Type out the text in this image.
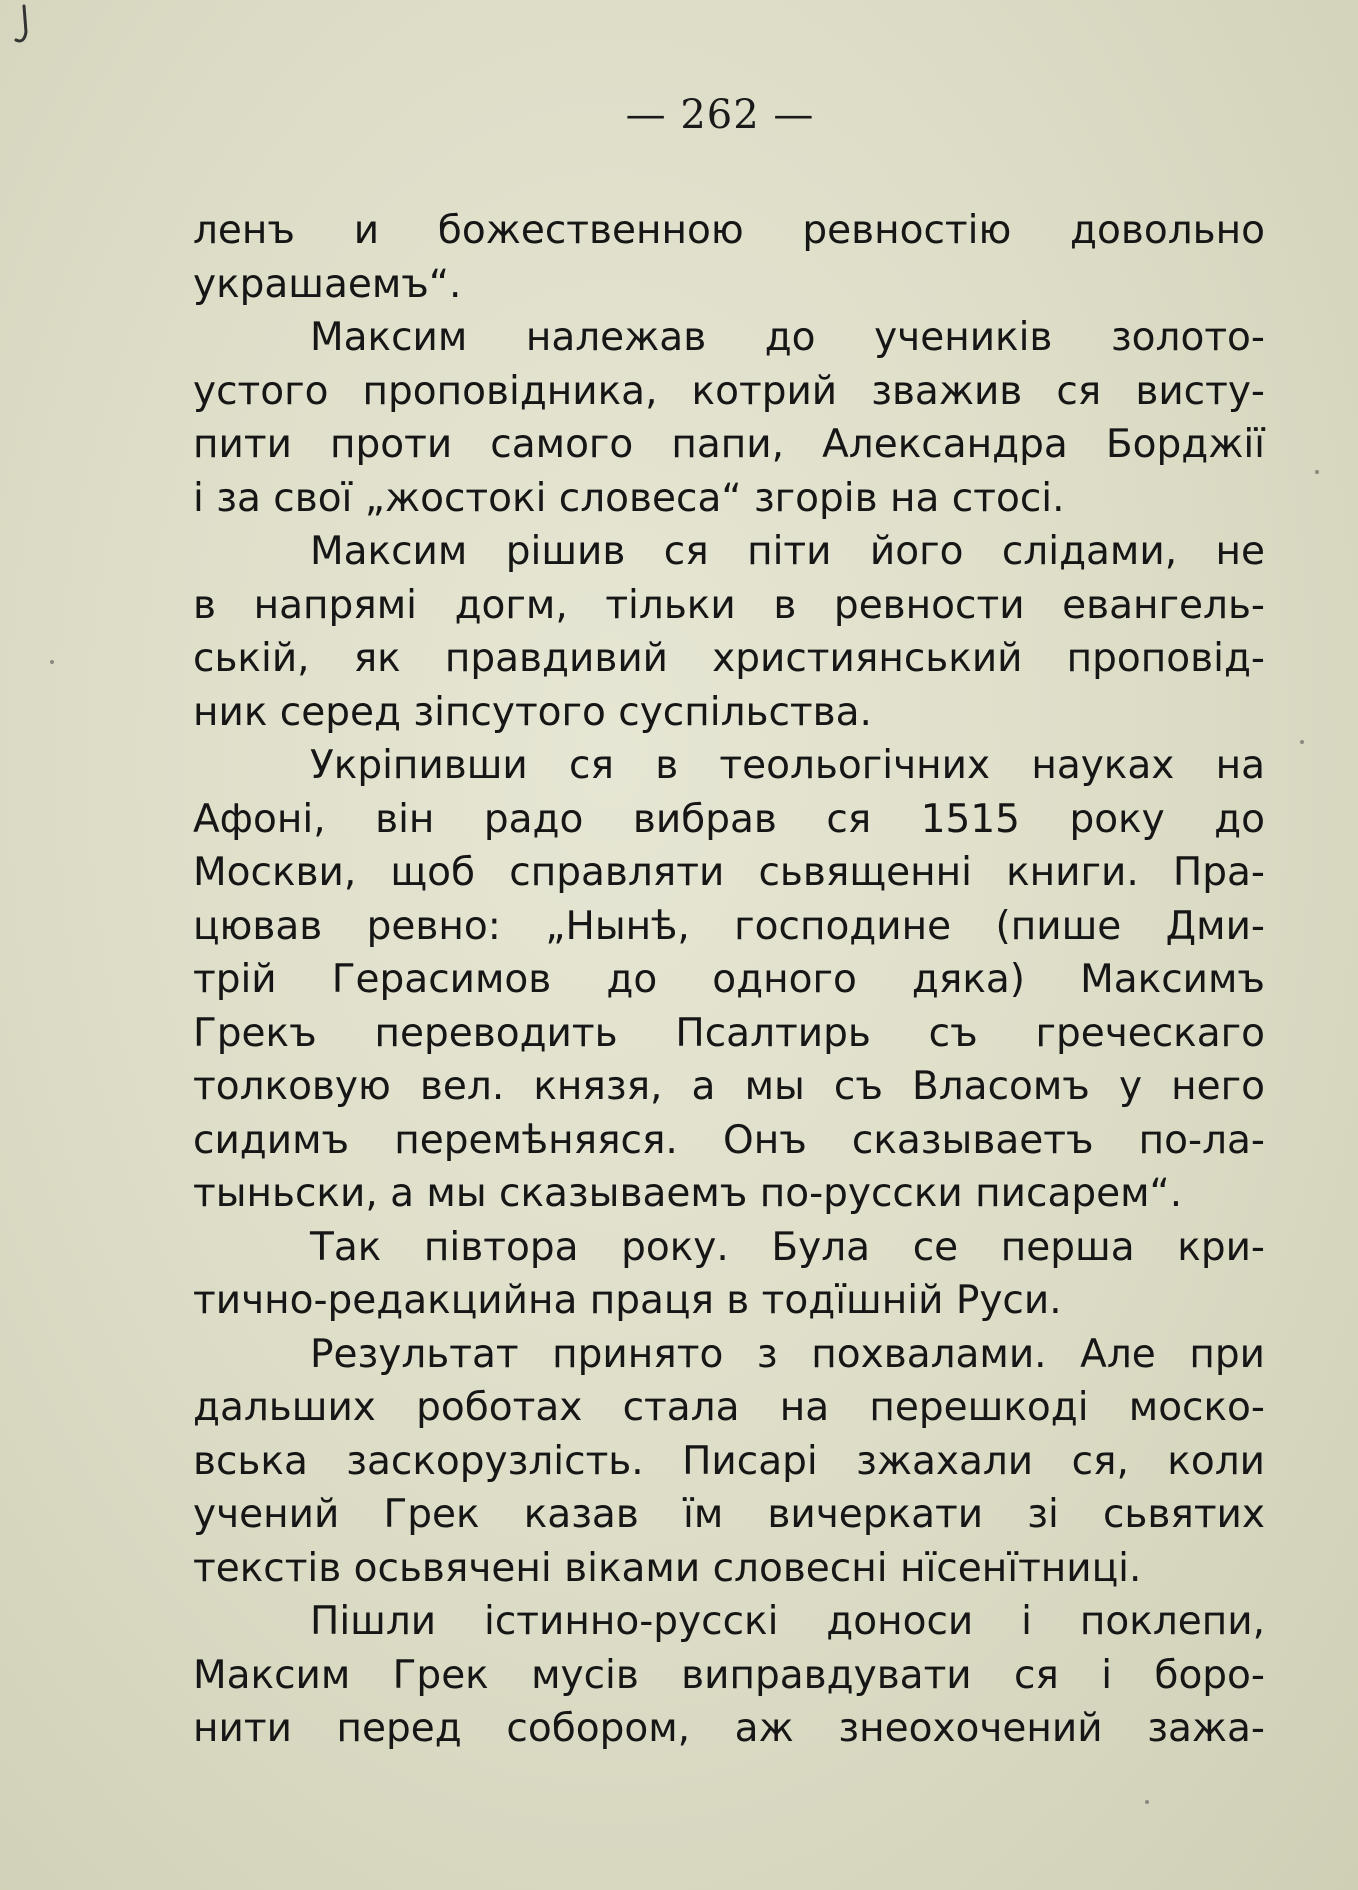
— 262 —
ленъ и божественною ревностію довольно
украшаемъ“.
Максим належав до учеників золото-
устого проповідника, котрий зважив ся висту-
пити проти самого папи, Александра Борджії
і за свої „жостокі словеса“ згорів на стосі.
Максим рішив ся піти його слідами, не
в напрямі догм, тільки в ревности евангель-
ській, як правдивий християнський проповід-
ник серед зіпсутого суспільства.
Укріпивши ся в теольогічних науках на
Афоні, він радо вибрав ся 1515 року до
Москви, щоб справляти сьвященні книги. Пра-
цював ревно: „Нынѣ, господине (пише Дми-
трій Герасимов до одного дяка) Максимъ
Грекъ переводить Псалтирь съ греческаго
толковую вел. князя, а мы съ Власомъ у него
сидимъ перемѣняяся. Онъ сказываетъ по-ла-
тыньски, а мы сказываемъ по-русски писарем“.
Так півтора року. Була се перша кри-
тично-редакцийна праця в тодїшній Руси.
Результат принято з похвалами. Але при
дальших роботах стала на перешкоді моско-
вська заскорузлість. Писарі зжахали ся, коли
учений Грек казав їм вичеркати зі сьвятих
текстів осьвячені віками словесні нїсенїтниці.
Пішли істинно-русскі доноси і поклепи,
Максим Грек мусів виправдувати ся і боро-
нити перед собором, аж знеохочений зажа-
